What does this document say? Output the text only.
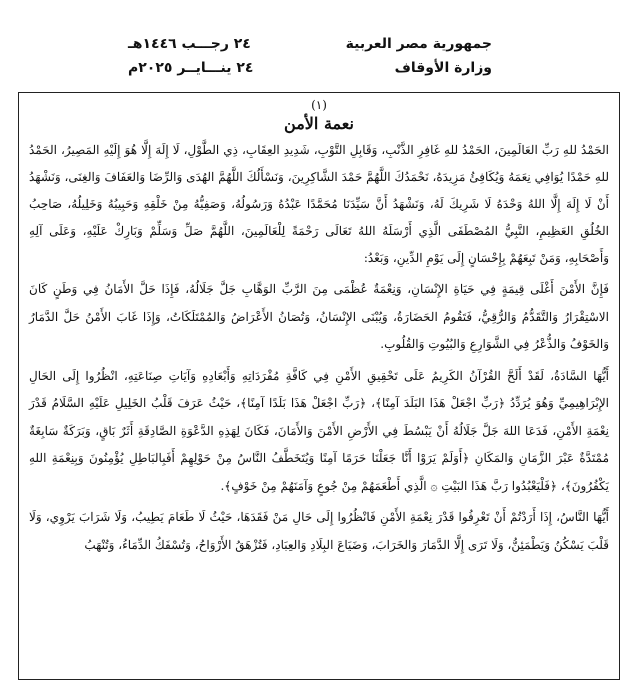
جمهورية مصر العربية
وزارة الأوقاف
٢٤ رجـــب ١٤٤٦هـ
٢٤ ينـــايــر ٢٠٢٥م
(١)
نعمة الأمن

الحَمْدُ للهِ رَبِّ العَالَمِينَ، الحَمْدُ للهِ غَافِرِ الذَّنْبِ، وَقَابِلِ التَّوْبِ، شَدِيدِ العِقَابِ، ذِي الطَّوْلِ، لَا إِلَهَ إِلَّا هُوَ إِلَيْهِ المَصِيرُ، الحَمْدُ للهِ حَمْدًا يُوَافِي نِعَمَهُ وَيُكَافِئُ مَزِيدَهُ، نَحْمَدُكَ اللَّهُمَّ حَمْدَ الشَّاكِرِينَ، وَنَسْأَلُكَ اللَّهُمَّ الهُدَى وَالرِّضَا وَالعَفَافَ وَالغِنَى، وَنَشْهَدُ أَنْ لَا إِلَهَ إِلَّا اللهُ وَحْدَهُ لَا شَرِيكَ لَهُ، وَنَشْهَدُ أَنَّ سَيِّدَنَا مُحَمَّدًا عَبْدُهُ وَرَسُولُهُ، وَصَفِيُّهُ مِنْ خَلْقِهِ وَحَبِيبُهُ وَخَلِيلُهُ، صَاحِبُ الخُلُقِ العَظِيمِ، النَّبِيُّ المُصْطَفَى الَّذِي أَرْسَلَهُ اللهُ تَعَالَى رَحْمَةً لِلْعَالَمِينَ، اللَّهُمَّ صَلِّ وَسَلِّمْ وَبَارِكْ عَلَيْهِ، وَعَلَى آلِهِ وَأَصْحَابِهِ، وَمَنْ تَبِعَهُمْ بِإِحْسَانٍ إِلَى يَوْمِ الدِّينِ، وَبَعْدُ:

فَإِنَّ الأَمْنَ أَغْلَى قِيمَةٍ فِي حَيَاةِ الإِنْسَانِ، وَنِعْمَةٌ عُظْمَى مِنَ الرَّبِّ الوَهَّابِ جَلَّ جَلَالُهُ، فَإِذَا حَلَّ الأَمَانُ فِي وَطَنٍ كَانَ الاسْتِقْرَارُ وَالتَّقَدُّمُ وَالرُّقِيُّ، فَتَقُومُ الحَضَارَةُ، وَيُبْنَى الإِنْسَانُ، وَتُصَانُ الأَعْرَاضُ وَالمُمْتَلَكَاتُ، وَإِذَا غَابَ الأَمْنُ حَلَّ الدَّمَارُ وَالخَوْفُ وَالذُّعْرُ فِي الشَّوَارِعِ وَالبُيُوتِ وَالقُلُوبِ.

أَيُّهَا السَّادَةُ، لَقَدْ أَلَحَّ القُرْآنُ الكَرِيمُ عَلَى تَحْقِيقِ الأَمْنِ فِي كَافَّةِ مُفْرَدَاتِهِ وَأَبْعَادِهِ وَآيَاتِ صِنَاعَتِهِ، انْظُرُوا إِلَى الحَالِ الإِبْرَاهِيمِيِّ وَهُوَ يُرَدِّدُ ﴿رَبِّ اجْعَلْ هَذَا البَلَدَ آمِنًا﴾، ﴿رَبِّ اجْعَلْ هَذَا بَلَدًا آمِنًا﴾، حَيْثُ عَرَفَ قَلْبُ الخَلِيلِ عَلَيْهِ السَّلَامُ قَدْرَ نِعْمَةِ الأَمْنِ، فَدَعَا اللهَ جَلَّ جَلَالُهُ أَنْ يَبْسُطَ فِي الأَرْضِ الأَمْنَ وَالأَمَانَ، فَكَانَ لِهَذِهِ الدَّعْوَةِ الصَّادِقَةِ أَثَرٌ بَاقٍ، وَبَرَكَةٌ سَابِغَةٌ مُمْتَدَّةٌ عَبْرَ الزَّمَانِ وَالمَكَانِ ﴿أَوَلَمْ يَرَوْا أَنَّا جَعَلْنَا حَرَمًا آمِنًا وَيُتَخَطَّفُ النَّاسُ مِنْ حَوْلِهِمْ أَفَبِالبَاطِلِ يُؤْمِنُونَ وَبِنِعْمَةِ اللهِ يَكْفُرُونَ﴾، ﴿فَلْيَعْبُدُوا رَبَّ هَذَا البَيْتِ ۞ الَّذِي أَطْعَمَهُمْ مِنْ جُوعٍ وَآمَنَهُمْ مِنْ خَوْفٍ﴾.

أَيُّهَا النَّاسُ، إِذَا أَرَدْتُمْ أَنْ تَعْرِفُوا قَدْرَ نِعْمَةِ الأَمْنِ فَانْظُرُوا إِلَى حَالِ مَنْ فَقَدَهَا، حَيْثُ لَا طَعَامَ يَطِيبُ، وَلَا شَرَابَ يَرْوِي، وَلَا قَلْبَ يَسْكُنُ وَيَطْمَئِنُّ، وَلَا تَرَى إِلَّا الدَّمَارَ وَالخَرَابَ، وَضَيَاعَ البِلَادِ وَالعِبَادِ، فَتُزْهَقُ الأَرْوَاحُ، وَتُسْفَكُ الدِّمَاءُ، وَتُنْهَبُ
